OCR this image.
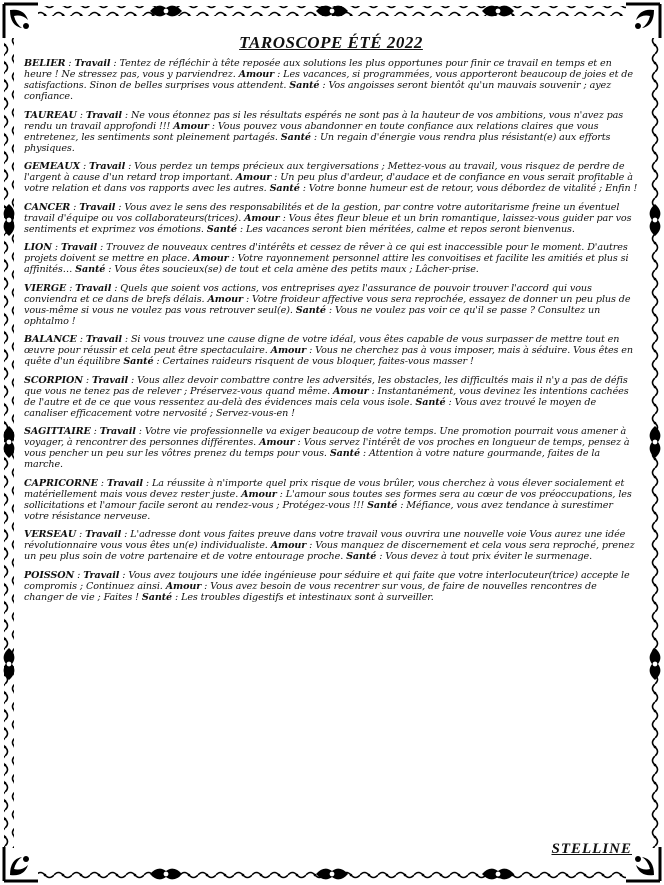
TAROSCOPE ÉTÉ 2022

BELIER : Travail : Tentez de réfléchir à tête reposée aux solutions les plus opportunes pour finir ce travail en temps et en heure ! Ne stressez pas, vous y parviendrez. Amour : Les vacances, si programmées, vous apporteront beaucoup de joies et de satisfactions. Sinon de belles surprises vous attendent. Santé : Vos angoisses seront bientôt qu'un mauvais souvenir ; ayez confiance.

TAUREAU : Travail : Ne vous étonnez pas si les résultats espérés ne sont pas à la hauteur de vos ambitions, vous n'avez pas rendu un travail approfondi !!! Amour : Vous pouvez vous abandonner en toute confiance aux relations claires que vous entretenez, les sentiments sont pleinement partagés. Santé : Un regain d'énergie vous rendra plus résistant(e) aux efforts physiques.

GEMEAUX : Travail : Vous perdez un temps précieux aux tergiversations ; Mettez-vous au travail, vous risquez de perdre de l'argent à cause d'un retard trop important. Amour : Un peu plus d'ardeur, d'audace et de confiance en vous serait profitable à votre relation et dans vos rapports avec les autres. Santé : Votre bonne humeur est de retour, vous débordez de vitalité ; Enfin !

CANCER : Travail : Vous avez le sens des responsabilités et de la gestion, par contre votre autoritarisme freine un éventuel travail d'équipe ou vos collaborateurs(trices). Amour : Vous êtes fleur bleue et un brin romantique, laissez-vous guider par vos sentiments et exprimez vos émotions. Santé : Les vacances seront bien méritées, calme et repos seront bienvenus.

LION : Travail : Trouvez de nouveaux centres d'intérêts et cessez de rêver à ce qui est inaccessible pour le moment. D'autres projets doivent se mettre en place. Amour : Votre rayonnement personnel attire les convoitises et facilite les amitiés et plus si affinités… Santé : Vous êtes soucieux(se) de tout et cela amène des petits maux ; Lâcher-prise.

VIERGE : Travail : Quels que soient vos actions, vos entreprises ayez l'assurance de pouvoir trouver l'accord qui vous conviendra et ce dans de brefs délais. Amour : Votre froideur affective vous sera reprochée, essayez de donner un peu plus de vous-même si vous ne voulez pas vous retrouver seul(e). Santé : Vous ne voulez pas voir ce qu'il se passe ? Consultez un ophtalmo !

BALANCE : Travail : Si vous trouvez une cause digne de votre idéal, vous êtes capable de vous surpasser de mettre tout en œuvre pour réussir et cela peut être spectaculaire. Amour : Vous ne cherchez pas à vous imposer, mais à séduire. Vous êtes en quête d'un équilibre Santé : Certaines raideurs risquent de vous bloquer, faites-vous masser !

SCORPION : Travail : Vous allez devoir combattre contre les adversités, les obstacles, les difficultés mais il n'y a pas de défis que vous ne tenez pas de relever ; Préservez-vous quand même. Amour : Instantanément, vous devinez les intentions cachées de l'autre et de ce que vous ressentez au-delà des évidences mais cela vous isole. Santé : Vous avez trouvé le moyen de canaliser efficacement votre nervosité ; Servez-vous-en !

SAGITTAIRE : Travail : Votre vie professionnelle va exiger beaucoup de votre temps. Une promotion pourrait vous amener à voyager, à rencontrer des personnes différentes. Amour : Vous servez l'intérêt de vos proches en longueur de temps, pensez à vous pencher un peu sur les vôtres prenez du temps pour vous. Santé : Attention à votre nature gourmande, faites de la marche.

CAPRICORNE : Travail : La réussite à n'importe quel prix risque de vous brûler, vous cherchez à vous élever socialement et matériellement mais vous devez rester juste. Amour : L'amour sous toutes ses formes sera au cœur de vos préoccupations, les sollicitations et l'amour facile seront au rendez-vous ; Protégez-vous !!! Santé : Méfiance, vous avez tendance à surestimer votre résistance nerveuse.

VERSEAU : Travail : L'adresse dont vous faites preuve dans votre travail vous ouvrira une nouvelle voie Vous aurez une idée révolutionnaire vous vous êtes un(e) individualiste. Amour : Vous manquez de discernement et cela vous sera reproché, prenez un peu plus soin de votre partenaire et de votre entourage proche. Santé : Vous devez à tout prix éviter le surmenage.

POISSON : Travail : Vous avez toujours une idée ingénieuse pour séduire et qui faite que votre interlocuteur(trice) accepte le compromis ; Continuez ainsi. Amour : Vous avez besoin de vous recentrer sur vous, de faire de nouvelles rencontres de changer de vie ; Faites ! Santé : Les troubles digestifs et intestinaux sont à surveiller.

STELLINE
